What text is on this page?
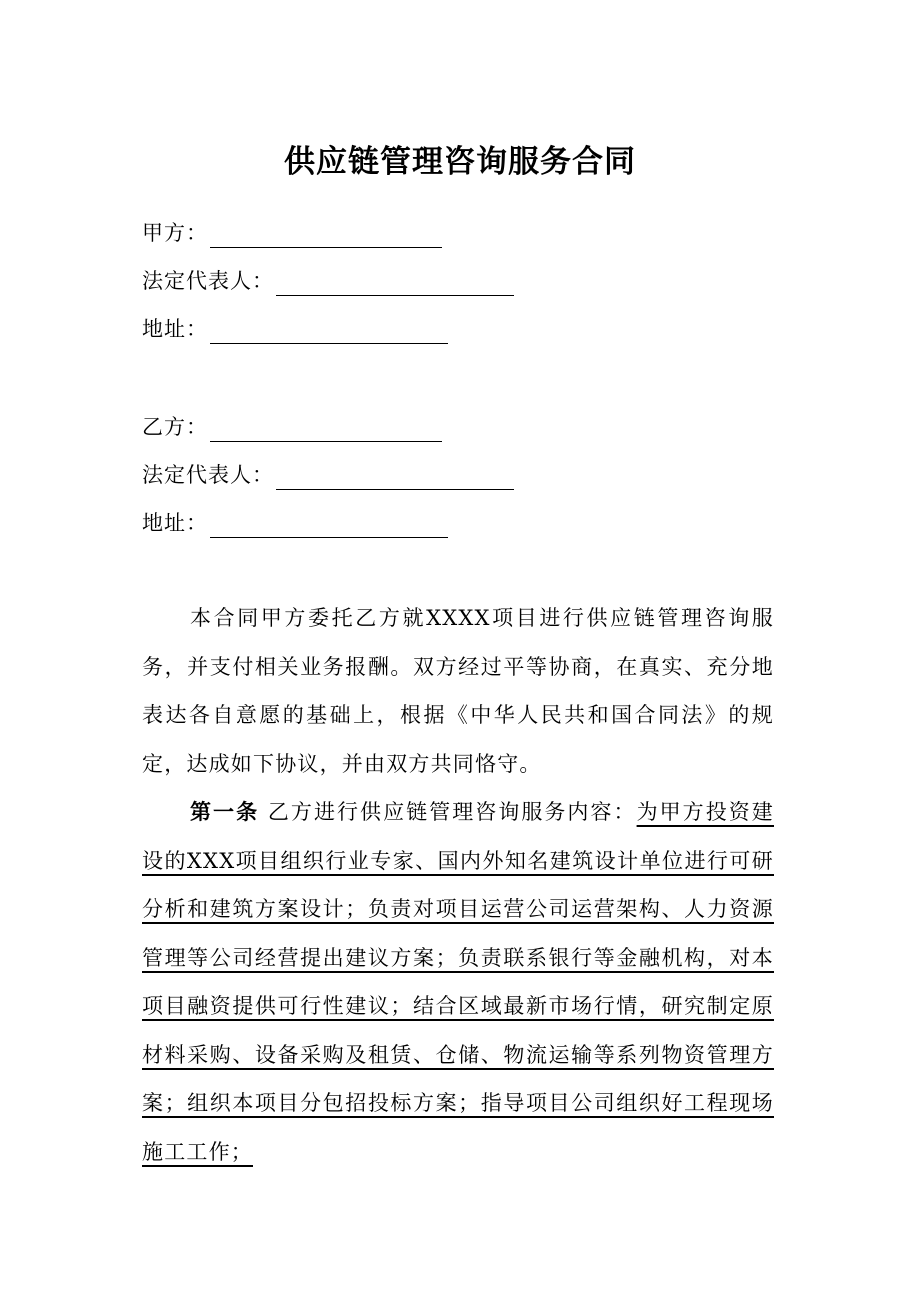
供应链管理咨询服务合同
甲方：
法定代表人：
地址：
乙方：
法定代表人：
地址：

本合同甲方委托乙方就XXXX项目进行供应链管理咨询服务，并支付相关业务报酬。双方经过平等协商，在真实、充分地表达各自意愿的基础上，根据《中华人民共和国合同法》的规定，达成如下协议，并由双方共同恪守。

第一条 乙方进行供应链管理咨询服务内容：为甲方投资建设的XXX项目组织行业专家、国内外知名建筑设计单位进行可研分析和建筑方案设计；负责对项目运营公司运营架构、人力资源管理等公司经营提出建议方案；负责联系银行等金融机构，对本项目融资提供可行性建议；结合区域最新市场行情，研究制定原材料采购、设备采购及租赁、仓储、物流运输等系列物资管理方案；组织本项目分包招投标方案；指导项目公司组织好工程现场施工工作；
